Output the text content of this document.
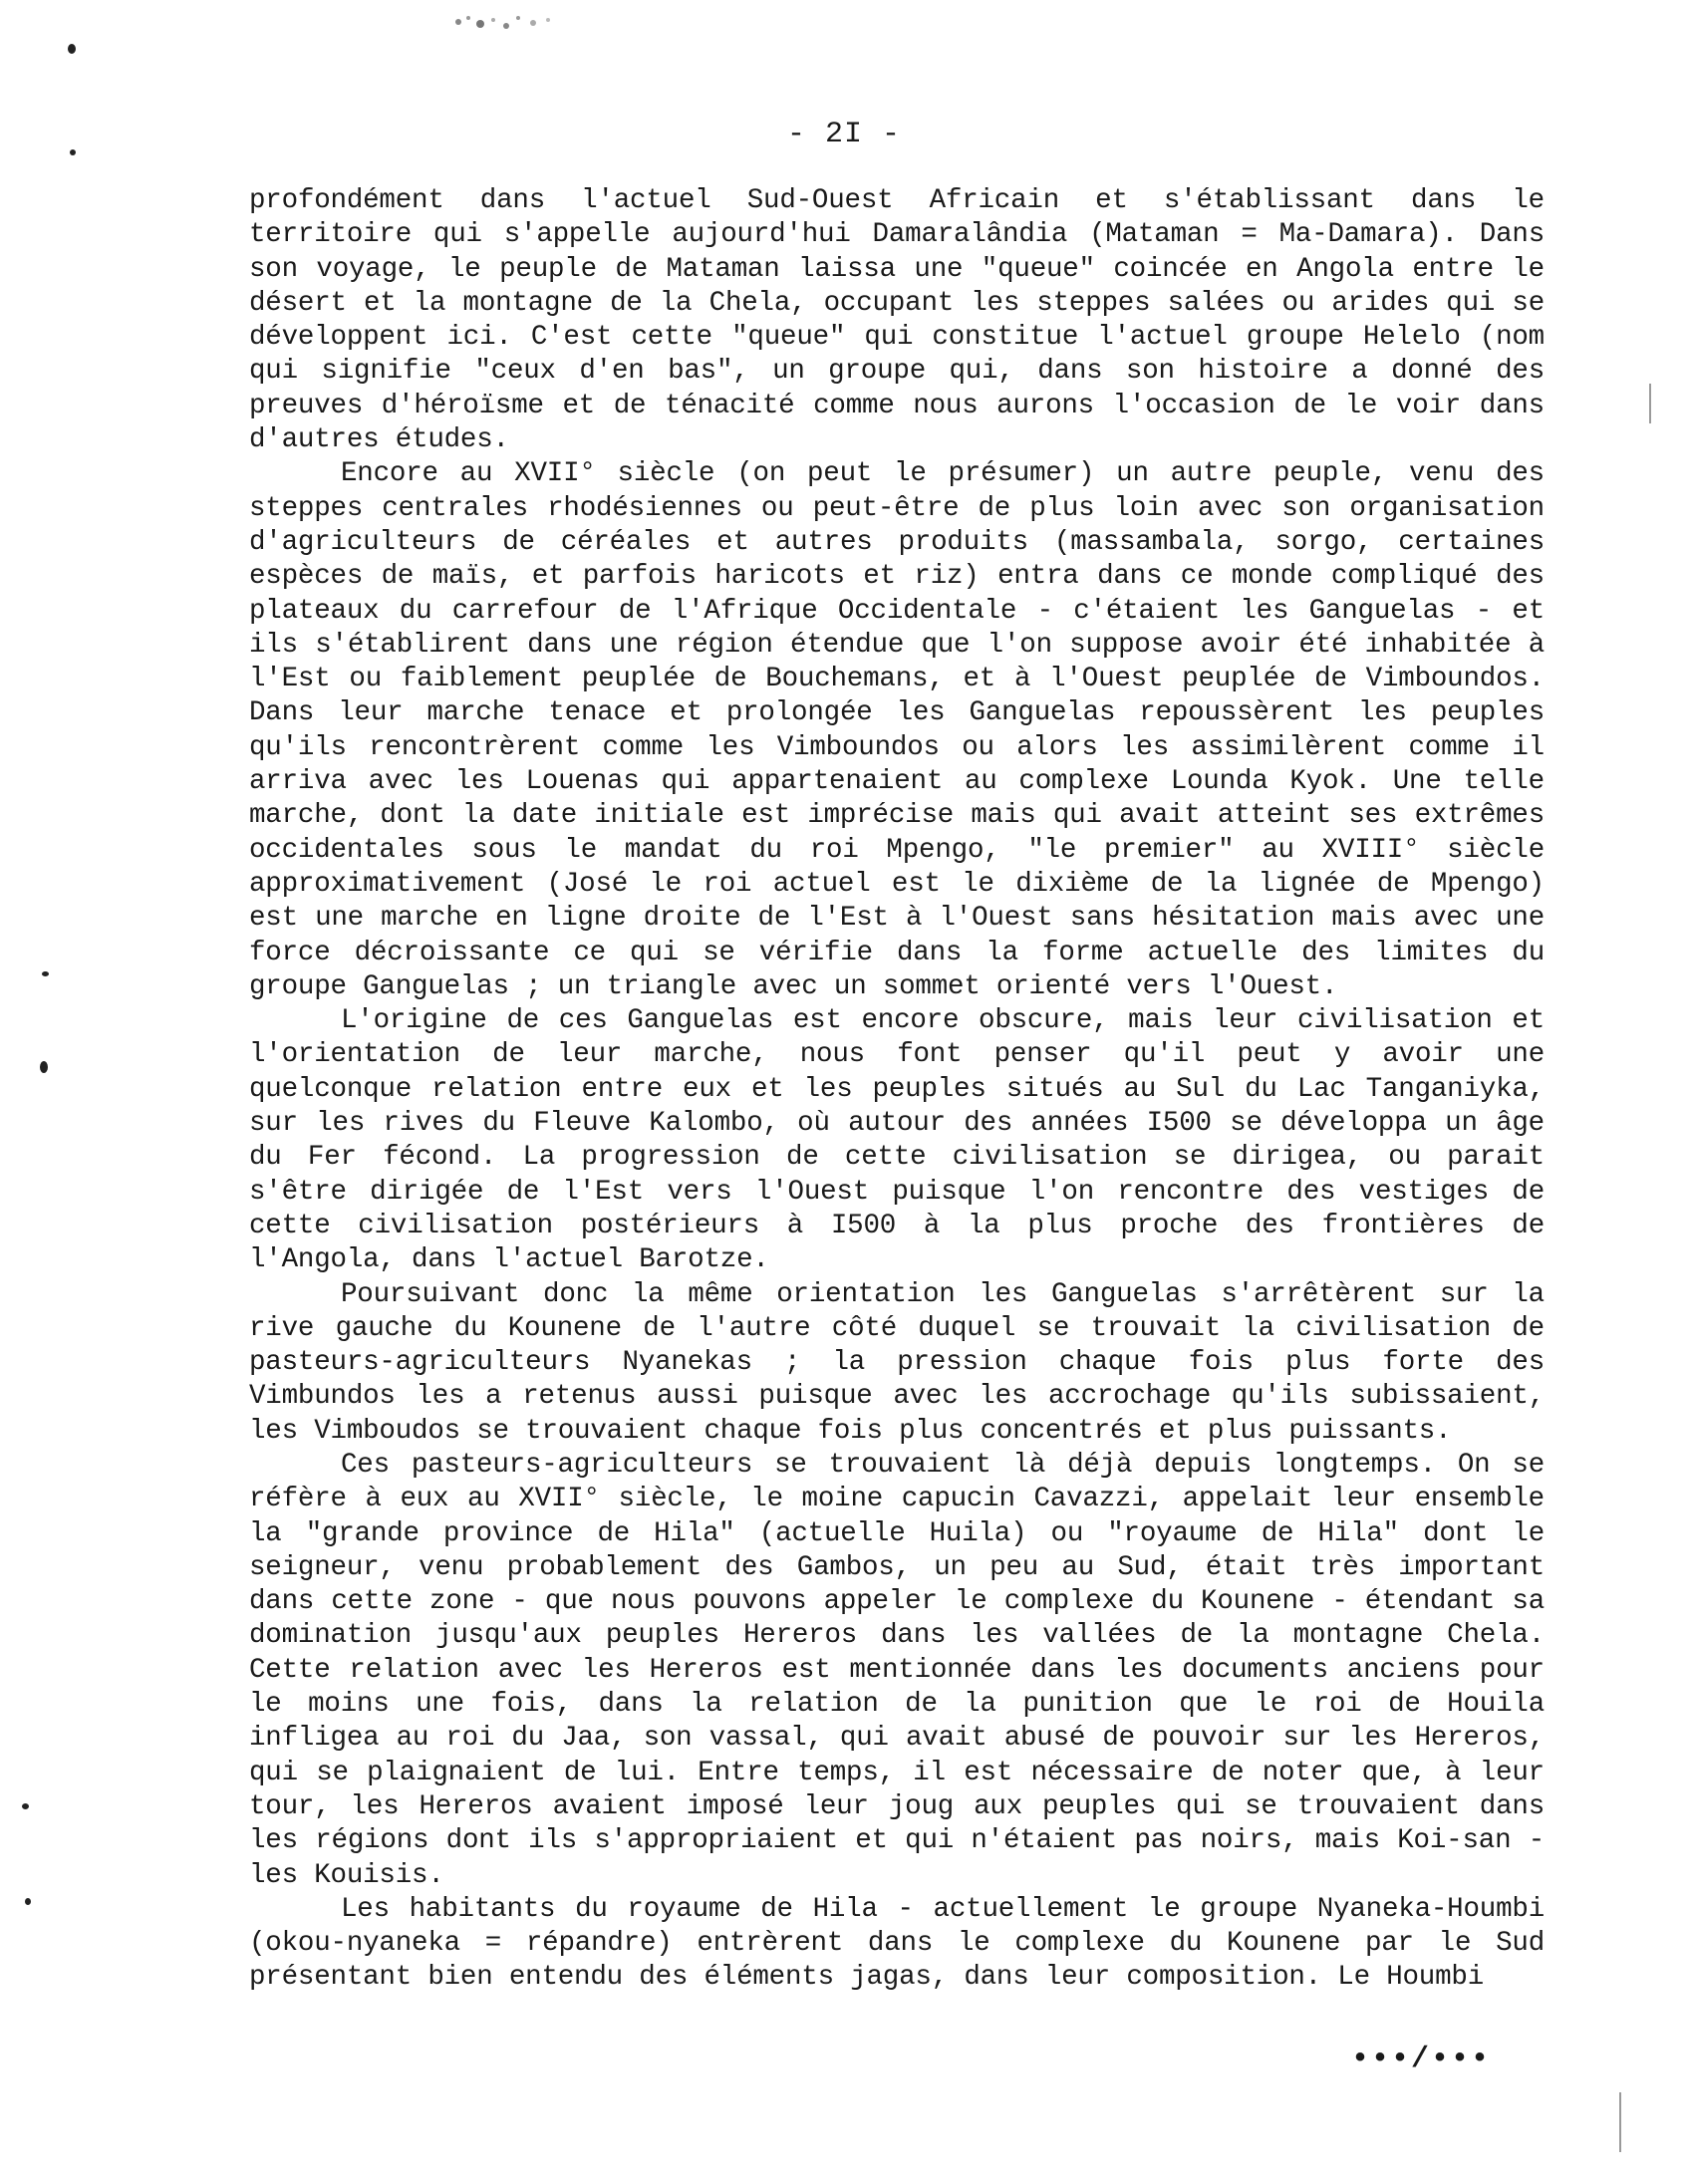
- 2I -

profondément dans l'actuel Sud-Ouest Africain et s'établissant dans le territoire qui s'appelle aujourd'hui Damaralândia (Mataman = Ma-Damara). Dans son voyage, le peuple de Mataman laissa une "queue" coincée en Angola entre le désert et la montagne de la Chela, occupant les steppes salées ou arides qui se développent ici. C'est cette "queue" qui constitue l'actuel groupe Helelo (nom qui signifie "ceux d'en bas", un groupe qui, dans son histoire a donné des preuves d'héroïsme et de ténacité comme nous aurons l'occasion de le voir dans d'autres études.

Encore au XVII° siècle (on peut le présumer) un autre peuple, venu des steppes centrales rhodésiennes ou peut-être de plus loin avec son organisation d'agriculteurs de céréales et autres produits (massambala, sorgo, certaines espèces de maïs, et parfois haricots et riz) entra dans ce monde compliqué des plateaux du carrefour de l'Afrique Occidentale - c'étaient les Ganguelas - et ils s'établirent dans une région étendue que l'on suppose avoir été inhabitée à l'Est ou faiblement peuplée de Bouchemans, et à l'Ouest peuplée de Vimboundos. Dans leur marche tenace et prolongée les Ganguelas repoussèrent les peuples qu'ils rencontrèrent comme les Vimboundos ou alors les assimilèrent comme il arriva avec les Louenas qui appartenaient au complexe Lounda Kyok. Une telle marche, dont la date initiale est imprécise mais qui avait atteint ses extrêmes occidentales sous le mandat du roi Mpengo, "le premier" au XVIII° siècle approximativement (José le roi actuel est le dixième de la lignée de Mpengo) est une marche en ligne droite de l'Est à l'Ouest sans hésitation mais avec une force décroissante ce qui se vérifie dans la forme actuelle des limites du groupe Ganguelas ; un triangle avec un sommet orienté vers l'Ouest.

L'origine de ces Ganguelas est encore obscure, mais leur civilisation et l'orientation de leur marche, nous font penser qu'il peut y avoir une quelconque relation entre eux et les peuples situés au Sul du Lac Tanganiyka, sur les rives du Fleuve Kalombo, où autour des années I500 se développa un âge du Fer fécond. La progression de cette civilisation se dirigea, ou parait s'être dirigée de l'Est vers l'Ouest puisque l'on rencontre des vestiges de cette civilisation postérieurs à I500 à la plus proche des frontières de l'Angola, dans l'actuel Barotze.

Poursuivant donc la même orientation les Ganguelas s'arrêtèrent sur la rive gauche du Kounene de l'autre côté duquel se trouvait la civilisation de pasteurs-agriculteurs Nyanekas ; la pression chaque fois plus forte des Vimbundos les a retenus aussi puisque avec les accrochage qu'ils subissaient, les Vimboudos se trouvaient chaque fois plus concentrés et plus puissants.

Ces pasteurs-agriculteurs se trouvaient là déjà depuis longtemps. On se réfère à eux au XVII° siècle, le moine capucin Cavazzi, appelait leur ensemble la "grande province de Hila" (actuelle Huila) ou "royaume de Hila" dont le seigneur, venu probablement des Gambos, un peu au Sud, était très important dans cette zone - que nous pouvons appeler le complexe du Kounene - étendant sa domination jusqu'aux peuples Hereros dans les vallées de la montagne Chela. Cette relation avec les Hereros est mentionnée dans les documents anciens pour le moins une fois, dans la relation de la punition que le roi de Houila infligea au roi du Jaa, son vassal, qui avait abusé de pouvoir sur les Hereros, qui se plaignaient de lui. Entre temps, il est nécessaire de noter que, à leur tour, les Hereros avaient imposé leur joug aux peuples qui se trouvaient dans les régions dont ils s'appropriaient et qui n'étaient pas noirs, mais Koi-san - les Kouisis.

Les habitants du royaume de Hila - actuellement le groupe Nyaneka-Houmbi (okou-nyaneka = répandre) entrèrent dans le complexe du Kounene par le Sud présentant bien entendu des éléments jagas, dans leur composition. Le Houmbi

•••/•••
